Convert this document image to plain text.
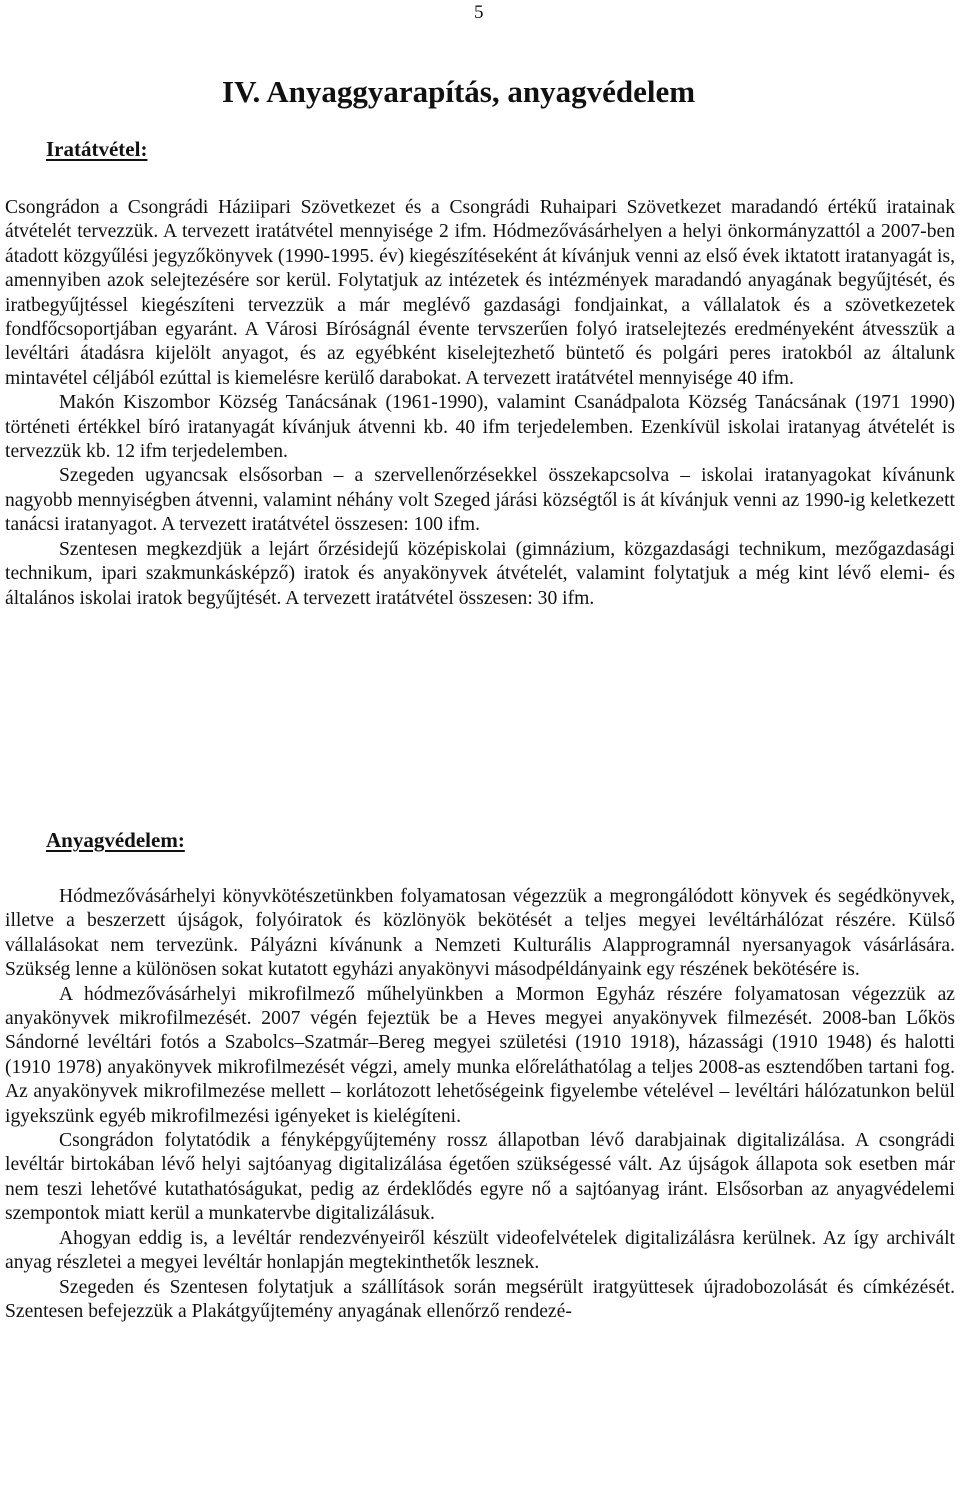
5
IV. Anyaggyarapítás, anyagvédelem
Iratátvétel:

Csongrádon a Csongrádi Háziipari Szövetkezet és a Csongrádi Ruhaipari Szövetkezet maradandó értékű iratainak átvételét tervezzük. A tervezett iratátvétel mennyisége 2 ifm. Hódmezővásárhelyen a helyi önkormányzattól a 2007-ben átadott közgyűlési jegyzőkönyvek (1990-1995. év) kiegészítéseként át kívánjuk venni az első évek iktatott iratanyagát is, amennyiben azok selejtezésére sor kerül. Folytatjuk az intézetek és intézmények maradandó anyagának begyűjtését, és iratbegyűjtéssel kiegészíteni tervezzük a már meglévő gazdasági fondjainkat, a vállalatok és a szövetkezetek fondfőcsoportjában egyaránt. A Városi Bíróságnál évente tervszerűen folyó iratselejtezés eredményeként átvesszük a levéltári átadásra kijelölt anyagot, és az egyébként kiselejtezhető büntető és polgári peres iratokból az általunk mintavétel céljából ezúttal is kiemelésre kerülő darabokat. A tervezett iratátvétel mennyisége 40 ifm.

Makón Kiszombor Község Tanácsának (1961-1990), valamint Csanádpalota Község Tanácsának (1971 1990) történeti értékkel bíró iratanyagát kívánjuk átvenni kb. 40 ifm terjedelemben. Ezenkívül iskolai iratanyag átvételét is tervezzük kb. 12 ifm terjedelemben.

Szegeden ugyancsak elsősorban – a szervellenőrzésekkel összekapcsolva – iskolai iratanyagokat kívánunk nagyobb mennyiségben átvenni, valamint néhány volt Szeged járási községtől is át kívánjuk venni az 1990-ig keletkezett tanácsi iratanyagot. A tervezett iratátvétel összesen: 100 ifm.

Szentesen megkezdjük a lejárt őrzésidejű középiskolai (gimnázium, közgazdasági technikum, mezőgazdasági technikum, ipari szakmunkásképző) iratok és anyakönyvek átvételét, valamint folytatjuk a még kint lévő elemi- és általános iskolai iratok begyűjtését. A tervezett iratátvétel összesen: 30 ifm.

Anyagvédelem:

Hódmezővásárhelyi könyvkötészetünkben folyamatosan végezzük a megrongálódott könyvek és segédkönyvek, illetve a beszerzett újságok, folyóiratok és közlönyök bekötését a teljes megyei levéltárhálózat részére. Külső vállalásokat nem tervezünk. Pályázni kívánunk a Nemzeti Kulturális Alapprogramnál nyersanyagok vásárlására. Szükség lenne a különösen sokat kutatott egyházi anyakönyvi másodpéldányaink egy részének bekötésére is.

A hódmezővásárhelyi mikrofilmező műhelyünkben a Mormon Egyház részére folyamatosan végezzük az anyakönyvek mikrofilmezését. 2007 végén fejeztük be a Heves megyei anyakönyvek filmezését. 2008-ban Lőkös Sándorné levéltári fotós a Szabolcs–Szatmár–Bereg megyei születési (1910 1918), házassági (1910 1948) és halotti (1910 1978) anyakönyvek mikrofilmezését végzi, amely munka előreláthatólag a teljes 2008-as esztendőben tartani fog. Az anyakönyvek mikrofilmezése mellett – korlátozott lehetőségeink figyelembe vételével – levéltári hálózatunkon belül igyekszünk egyéb mikrofilmezési igényeket is kielégíteni.

Csongrádon folytatódik a fényképgyűjtemény rossz állapotban lévő darabjainak digitalizálása. A csongrádi levéltár birtokában lévő helyi sajtóanyag digitalizálása égetően szükségessé vált. Az újságok állapota sok esetben már nem teszi lehetővé kutathatóságukat, pedig az érdeklődés egyre nő a sajtóanyag iránt. Elsősorban az anyagvédelemi szempontok miatt kerül a munkatervbe digitalizálásuk.

Ahogyan eddig is, a levéltár rendezvényeiről készült videofelvételek digitalizálásra kerülnek. Az így archivált anyag részletei a megyei levéltár honlapján megtekinthetők lesznek.

Szegeden és Szentesen folytatjuk a szállítások során megsérült iratgyüttesek újradobozolását és címkézését. Szentesen befejezzük a Plakátgyűjtemény anyagának ellenőrző rendezé-
